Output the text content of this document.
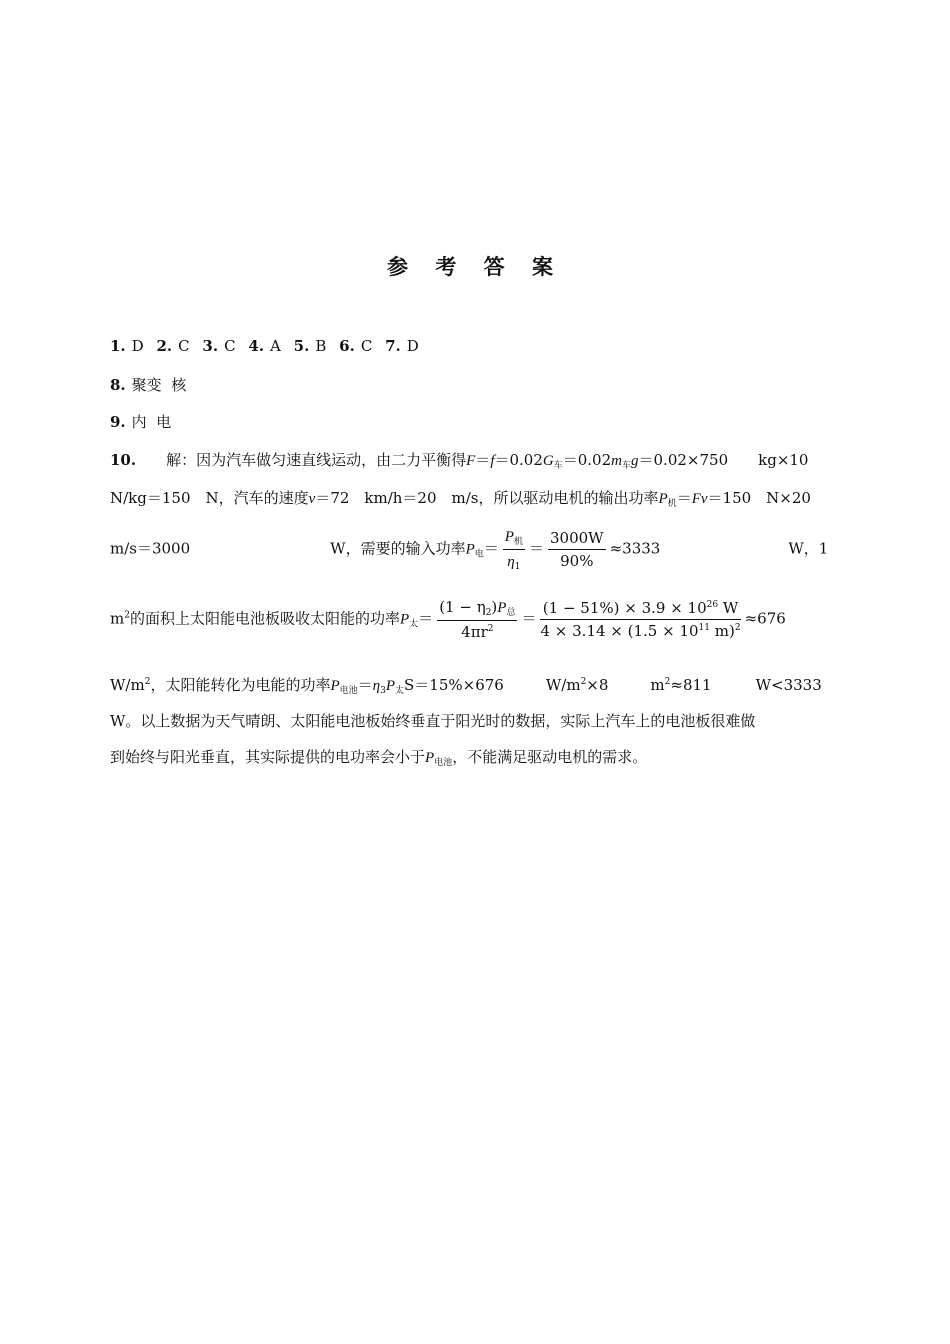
参 考 答 案
1. D 2. C 3. C 4. A 5. B 6. C 7. D
8. 聚变  核
9. 内  电
10. 解：因为汽车做匀速直线运动，由二力平衡得$F=f=0.02G_车=0.02m_车g=0.02\times 750$ kg×10
N/kg＝150　N，汽车的速度v＝72　km/h＝20　m/s，所以驱动电机的输出功率$P_机=Fv=150$　N×20
m/s＝3000	W，需要的输入功率$P_电= \frac{P_机}{\eta_1} = \frac{3000W}{90\%} \approx 3333$	W，1
$m^2$的面积上太阳能电池板吸收太阳能的功率$P_太= \frac{(1 - \eta_2)P_总}{4\pi r^2} = \frac{(1 - 51\%) \times 3.9 \times 10^{26} W}{4 \times 3.14 \times (1.5 \times 10^{11} m)^2} \approx 676$
$W/m^2$，太阳能转化为电能的功率$P_{电池}=\eta_3P_太S=15\%\times 676$	$W/m^2\times 8$	$m^2\approx 811$	W<3333
W。以上数据为天气晴朗、太阳能电池板始终垂直于阳光时的数据，实际上汽车上的电池板很难做
到始终与阳光垂直，其实际提供的电功率会小于$P_{电池}$，不能满足驱动电机的需求。
